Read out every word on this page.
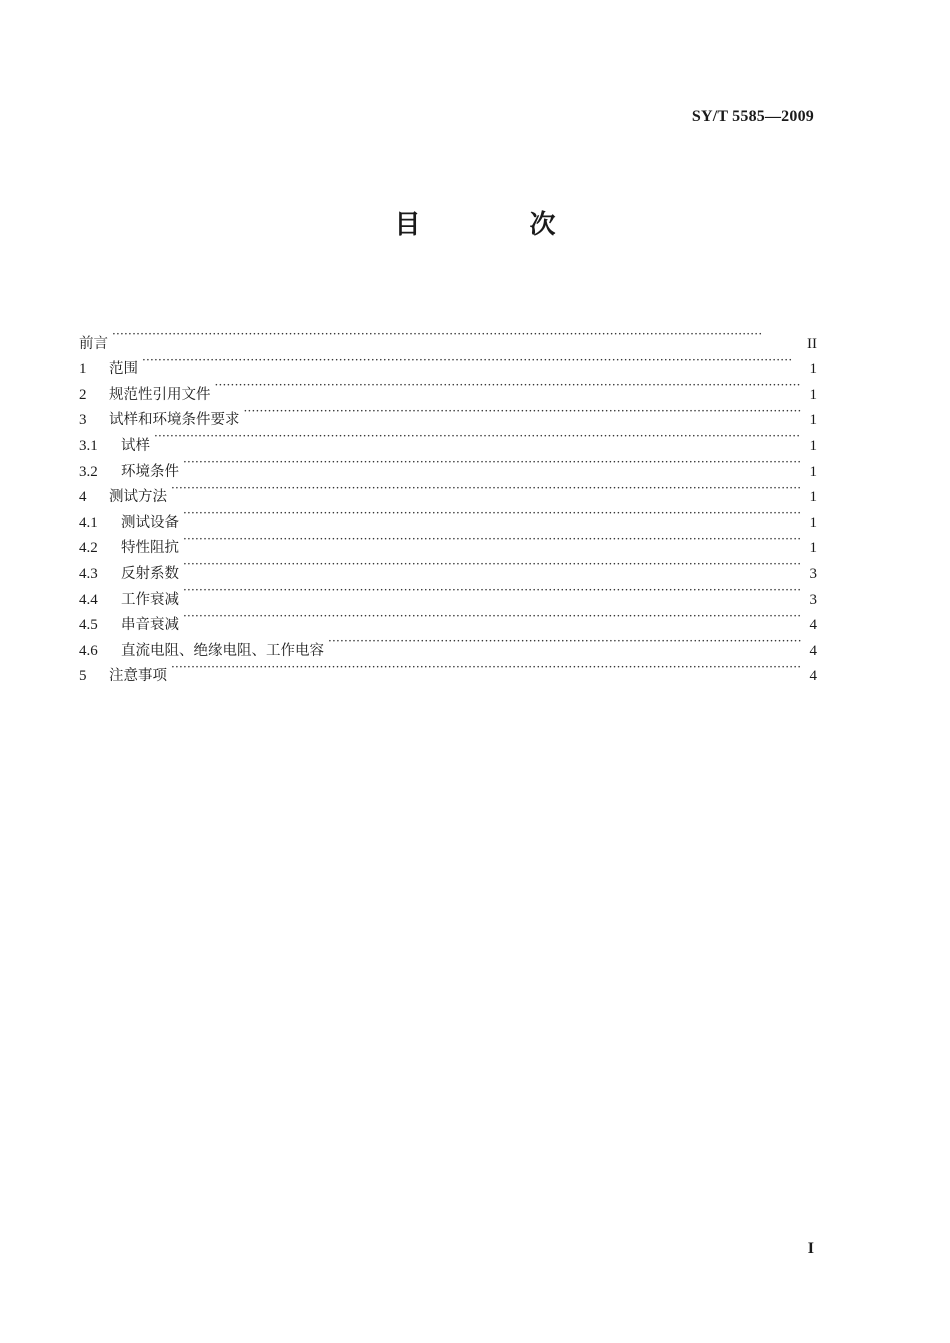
SY/T 5585—2009
目 次
前言 ·····	II
1	范围 ·····	1
2	规范性引用文件 ·····	1
3	试样和环境条件要求 ·····	1
3.1	试样 ·····	1
3.2	环境条件 ·····	1
4	测试方法 ·····	1
4.1	测试设备 ·····	1
4.2	特性阻抗 ·····	1
4.3	反射系数 ·····	3
4.4	工作衰减 ·····	3
4.5	串音衰减 ·····	4
4.6	直流电阻、绝缘电阻、工作电容 ·····	4
5	注意事项 ·····	4
I
